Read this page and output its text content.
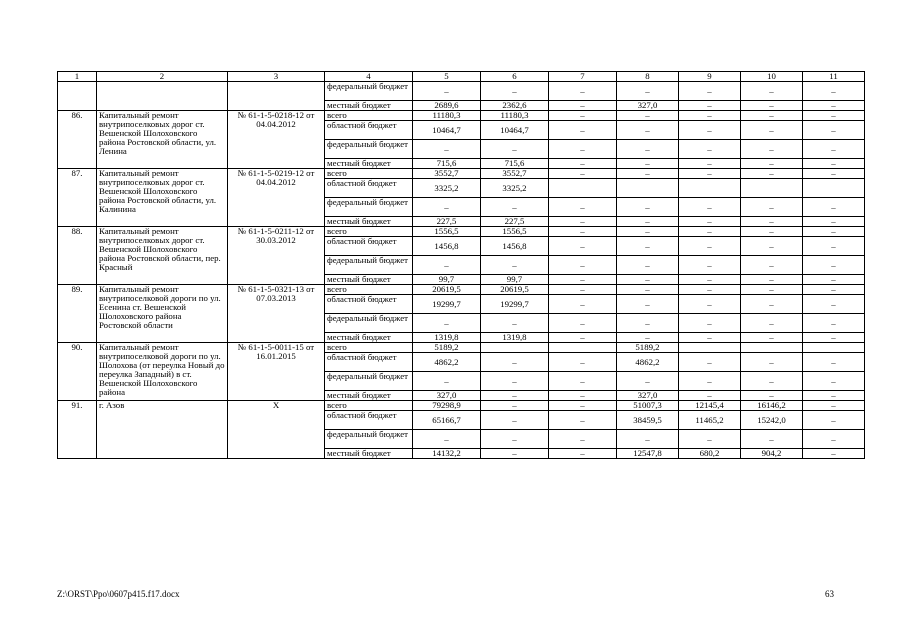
1	2	3	4	5	6	7	8	9	10	11
			федеральный бюджет	–	–	–	–	–	–	–
			местный бюджет	2689,6	2362,6	–	327,0	–	–	–
86.	Капитальный ремонт внутрипоселковых дорог ст. Вешенской Шолоховского района Ростовской области, ул. Ленина	№ 61-1-5-0218-12 от 04.04.2012	всего	11180,3	11180,3	–	–	–	–	–
			областной бюджет	10464,7	10464,7	–	–	–	–	–
			федеральный бюджет	–	–	–	–	–	–	–
			местный бюджет	715,6	715,6	–	–	–	–	–
87.	Капитальный ремонт внутрипоселковых дорог ст. Вешенской Шолоховского района Ростовской области, ул. Калинина	№ 61-1-5-0219-12 от 04.04.2012	всего	3552,7	3552,7	–	–	–	–	–
			областной бюджет	3325,2	3325,2					
			федеральный бюджет	–	–	–	–	–	–	–
			местный бюджет	227,5	227,5	–	–	–	–	–
88.	Капитальный ремонт внутрипоселковых дорог ст. Вешенской Шолоховского района Ростовской области, пер. Красный	№ 61-1-5-0211-12 от 30.03.2012	всего	1556,5	1556,5	–	–	–	–	–
			областной бюджет	1456,8	1456,8	–	–	–	–	–
			федеральный бюджет	–	–	–	–	–	–	–
			местный бюджет	99,7	99,7	–	–	–	–	–
89.	Капитальный ремонт внутрипоселковой дороги по ул. Есенина ст. Вешенской Шолоховского района Ростовской области	№ 61-1-5-0321-13 от 07.03.2013	всего	20619,5	20619,5	–	–	–	–	–
			областной бюджет	19299,7	19299,7	–	–	–	–	–
			федеральный бюджет	–	–	–	–	–	–	–
			местный бюджет	1319,8	1319,8	–	–	–	–	–
90.	Капитальный ремонт внутрипоселковой дороги по ул. Шолохова (от переулка Новый до переулка Западный) в ст. Вешенской Шолоховского района	№ 61-1-5-0011-15 от 16.01.2015	всего	5189,2			5189,2			
			областной бюджет	4862,2	–	–	4862,2	–	–	–
			федеральный бюджет	–	–	–	–	–	–	–
			местный бюджет	327,0	–	–	327,0	–	–	–
91.	г. Азов	Х	всего	79298,9	–	–	51007,3	12145,4	16146,2	–
			областной бюджет	65166,7	–	–	38459,5	11465,2	15242,0	–
			федеральный бюджет	–	–	–	–	–	–	–
			местный бюджет	14132,2	–	–	12547,8	680,2	904,2	–
Z:\ORST\Ppo\0607p415.f17.docx	63
